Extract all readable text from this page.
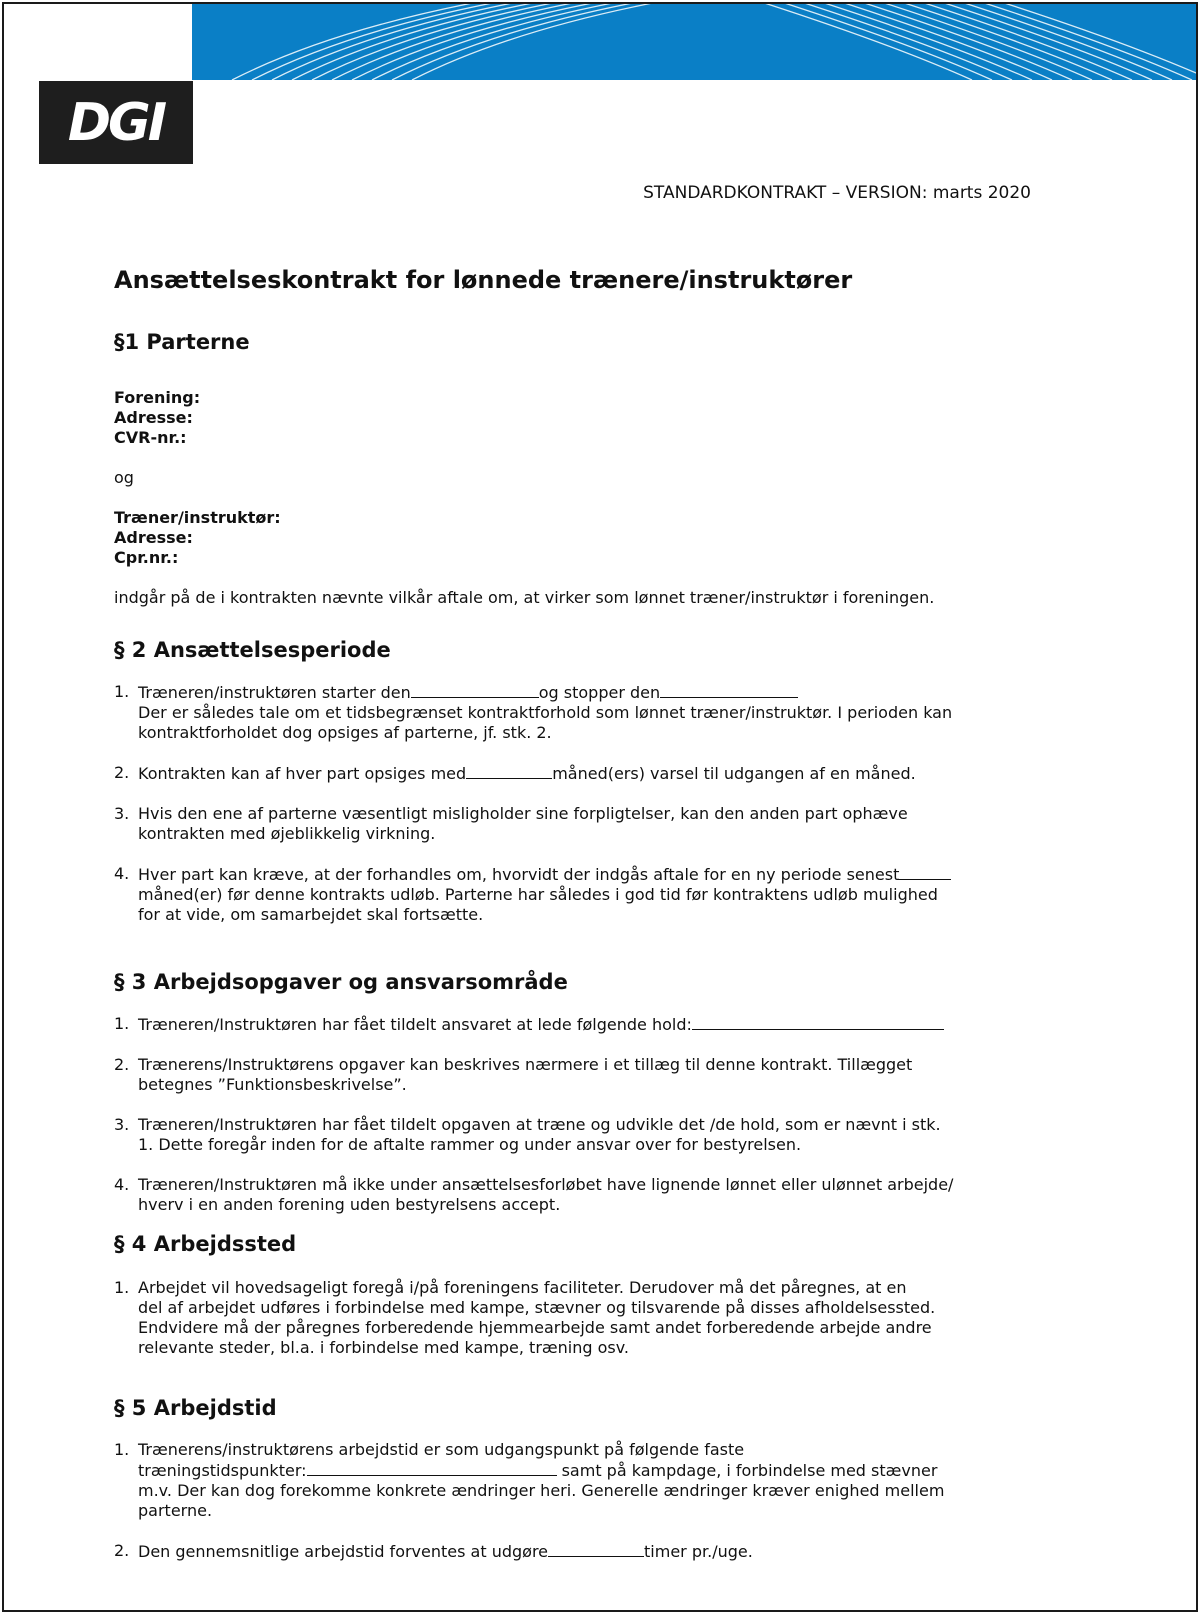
DGI
STANDARDKONTRAKT – VERSION: marts 2020
Ansættelseskontrakt for lønnede trænere/instruktører
§1 Parterne
Forening:
Adresse:
CVR-nr.:
og
Træner/instruktør:
Adresse:
Cpr.nr.:
indgår på de i kontrakten nævnte vilkår aftale om, at virker som lønnet træner/instruktør i foreningen.
§ 2 Ansættelsesperiode
1. Træneren/instruktøren starter den	og stopper den
Der er således tale om et tidsbegrænset kontraktforhold som lønnet træner/instruktør. I perioden kan
kontraktforholdet dog opsiges af parterne, jf. stk. 2.
2. Kontrakten kan af hver part opsiges med	måned(ers) varsel til udgangen af en måned.
3. Hvis den ene af parterne væsentligt misligholder sine forpligtelser, kan den anden part ophæve
kontrakten med øjeblikkelig virkning.
4. Hver part kan kræve, at der forhandles om, hvorvidt der indgås aftale for en ny periode senest
måned(er) før denne kontrakts udløb. Parterne har således i god tid før kontraktens udløb mulighed
for at vide, om samarbejdet skal fortsætte.
§ 3 Arbejdsopgaver og ansvarsområde
1. Træneren/Instruktøren har fået tildelt ansvaret at lede følgende hold:
2. Trænerens/Instruktørens opgaver kan beskrives nærmere i et tillæg til denne kontrakt. Tillægget
betegnes ”Funktionsbeskrivelse”.
3. Træneren/Instruktøren har fået tildelt opgaven at træne og udvikle det /de hold, som er nævnt i stk.
1. Dette foregår inden for de aftalte rammer og under ansvar over for bestyrelsen.
4. Træneren/Instruktøren må ikke under ansættelsesforløbet have lignende lønnet eller ulønnet arbejde/
hverv i en anden forening uden bestyrelsens accept.
§ 4 Arbejdssted
1. Arbejdet vil hovedsageligt foregå i/på foreningens faciliteter. Derudover må det påregnes, at en
del af arbejdet udføres i forbindelse med kampe, stævner og tilsvarende på disses afholdelsessted.
Endvidere må der påregnes forberedende hjemmearbejde samt andet forberedende arbejde andre
relevante steder, bl.a. i forbindelse med kampe, træning osv.
§ 5 Arbejdstid
1. Trænerens/instruktørens arbejdstid er som udgangspunkt på følgende faste
træningstidspunkter:	samt på kampdage, i forbindelse med stævner
m.v. Der kan dog forekomme konkrete ændringer heri. Generelle ændringer kræver enighed mellem
parterne.
2. Den gennemsnitlige arbejdstid forventes at udgøre	timer pr./uge.
